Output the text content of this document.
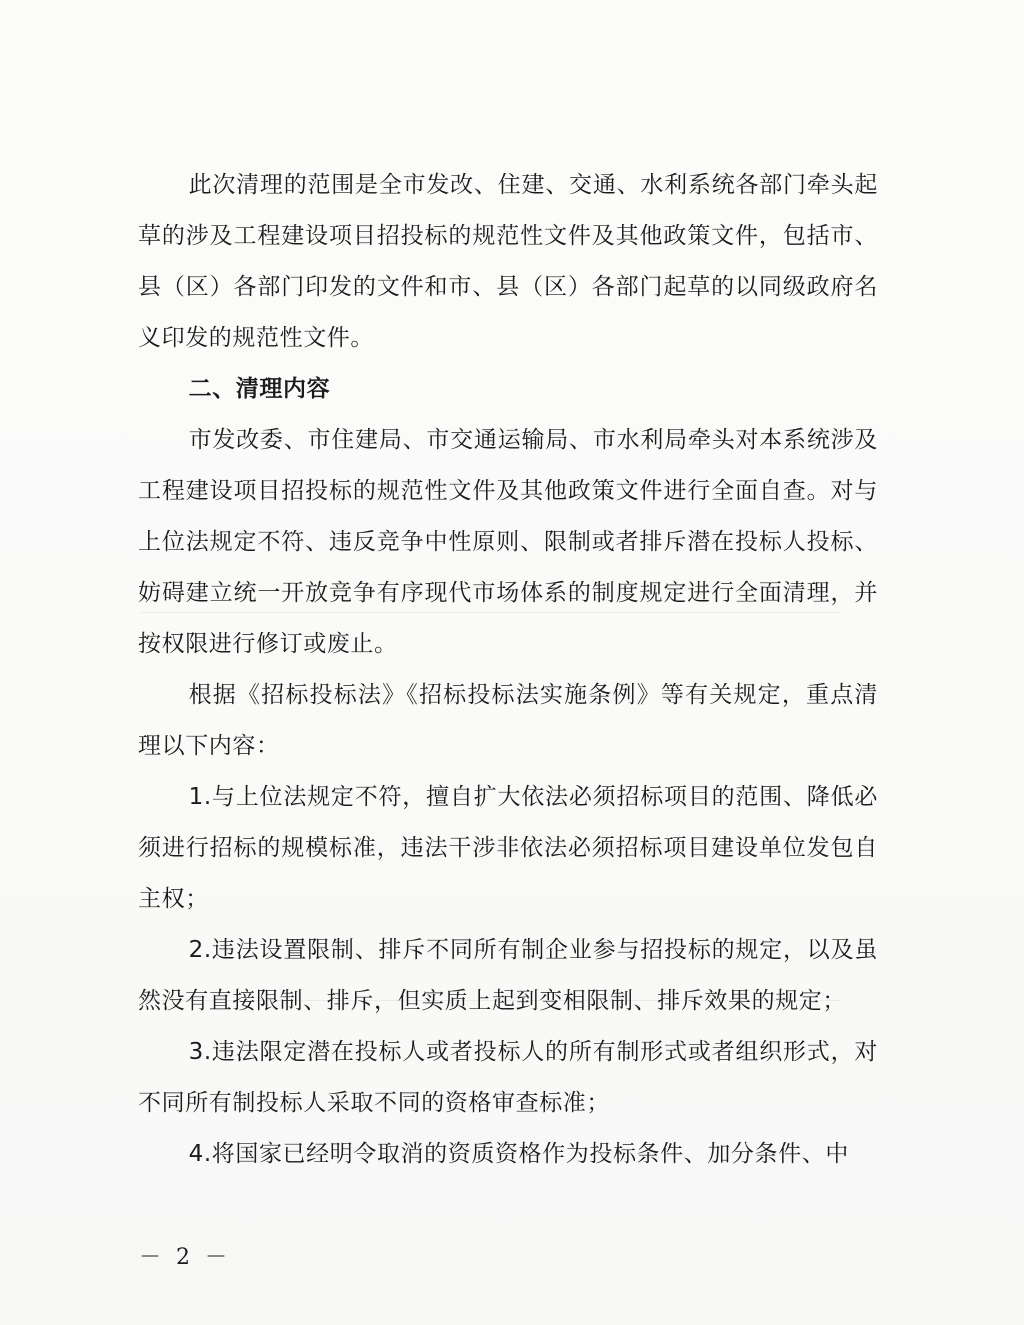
此次清理的范围是全市发改、住建、交通、水利系统各部门牵头起草的涉及工程建设项目招投标的规范性文件及其他政策文件，包括市、县（区）各部门印发的文件和市、县（区）各部门起草的以同级政府名义印发的规范性文件。

二、清理内容

市发改委、市住建局、市交通运输局、市水利局牵头对本系统涉及工程建设项目招投标的规范性文件及其他政策文件进行全面自查。对与上位法规定不符、违反竞争中性原则、限制或者排斥潜在投标人投标、妨碍建立统一开放竞争有序现代市场体系的制度规定进行全面清理，并按权限进行修订或废止。

根据《招标投标法》《招标投标法实施条例》等有关规定，重点清理以下内容：

1.与上位法规定不符，擅自扩大依法必须招标项目的范围、降低必须进行招标的规模标准，违法干涉非依法必须招标项目建设单位发包自主权；

2.违法设置限制、排斥不同所有制企业参与招投标的规定，以及虽然没有直接限制、排斥，但实质上起到变相限制、排斥效果的规定；

3.违法限定潜在投标人或者投标人的所有制形式或者组织形式，对不同所有制投标人采取不同的资格审查标准；

4.将国家已经明令取消的资质资格作为投标条件、加分条件、中

－ 2 －
